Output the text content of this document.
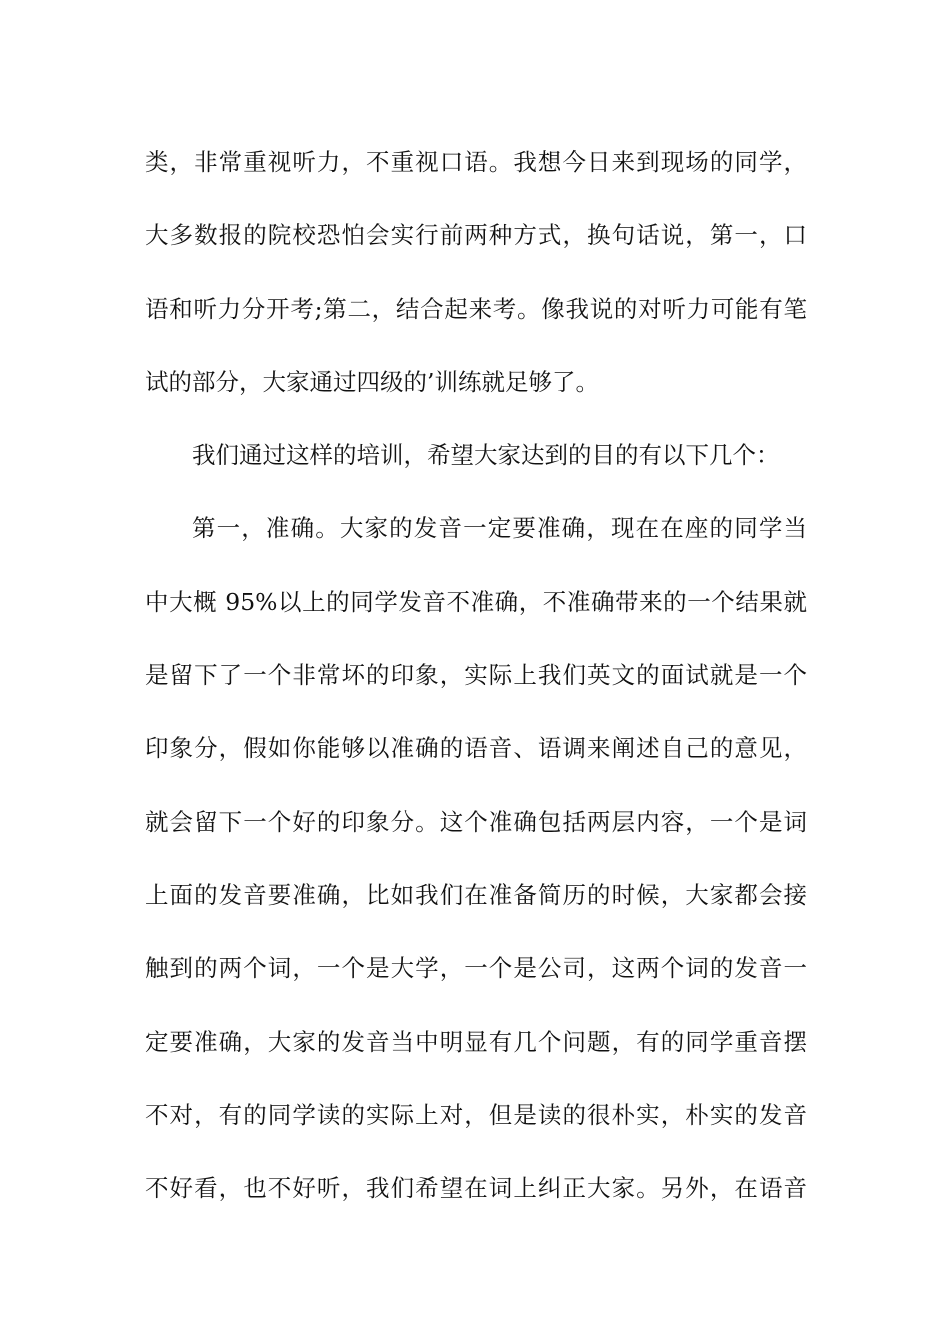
类，非常重视听力，不重视口语。我想今日来到现场的同学，
大多数报的院校恐怕会实行前两种方式，换句话说，第一，口
语和听力分开考;第二，结合起来考。像我说的对听力可能有笔
试的部分，大家通过四级的’训练就足够了。
我们通过这样的培训，希望大家达到的目的有以下几个：
第一，准确。大家的发音一定要准确，现在在座的同学当
中大概 95%以上的同学发音不准确，不准确带来的一个结果就
是留下了一个非常坏的印象，实际上我们英文的面试就是一个
印象分，假如你能够以准确的语音、语调来阐述自己的意见，
就会留下一个好的印象分。这个准确包括两层内容，一个是词
上面的发音要准确，比如我们在准备简历的时候，大家都会接
触到的两个词，一个是大学，一个是公司，这两个词的发音一
定要准确，大家的发音当中明显有几个问题，有的同学重音摆
不对，有的同学读的实际上对，但是读的很朴实，朴实的发音
不好看，也不好听，我们希望在词上纠正大家。另外，在语音
